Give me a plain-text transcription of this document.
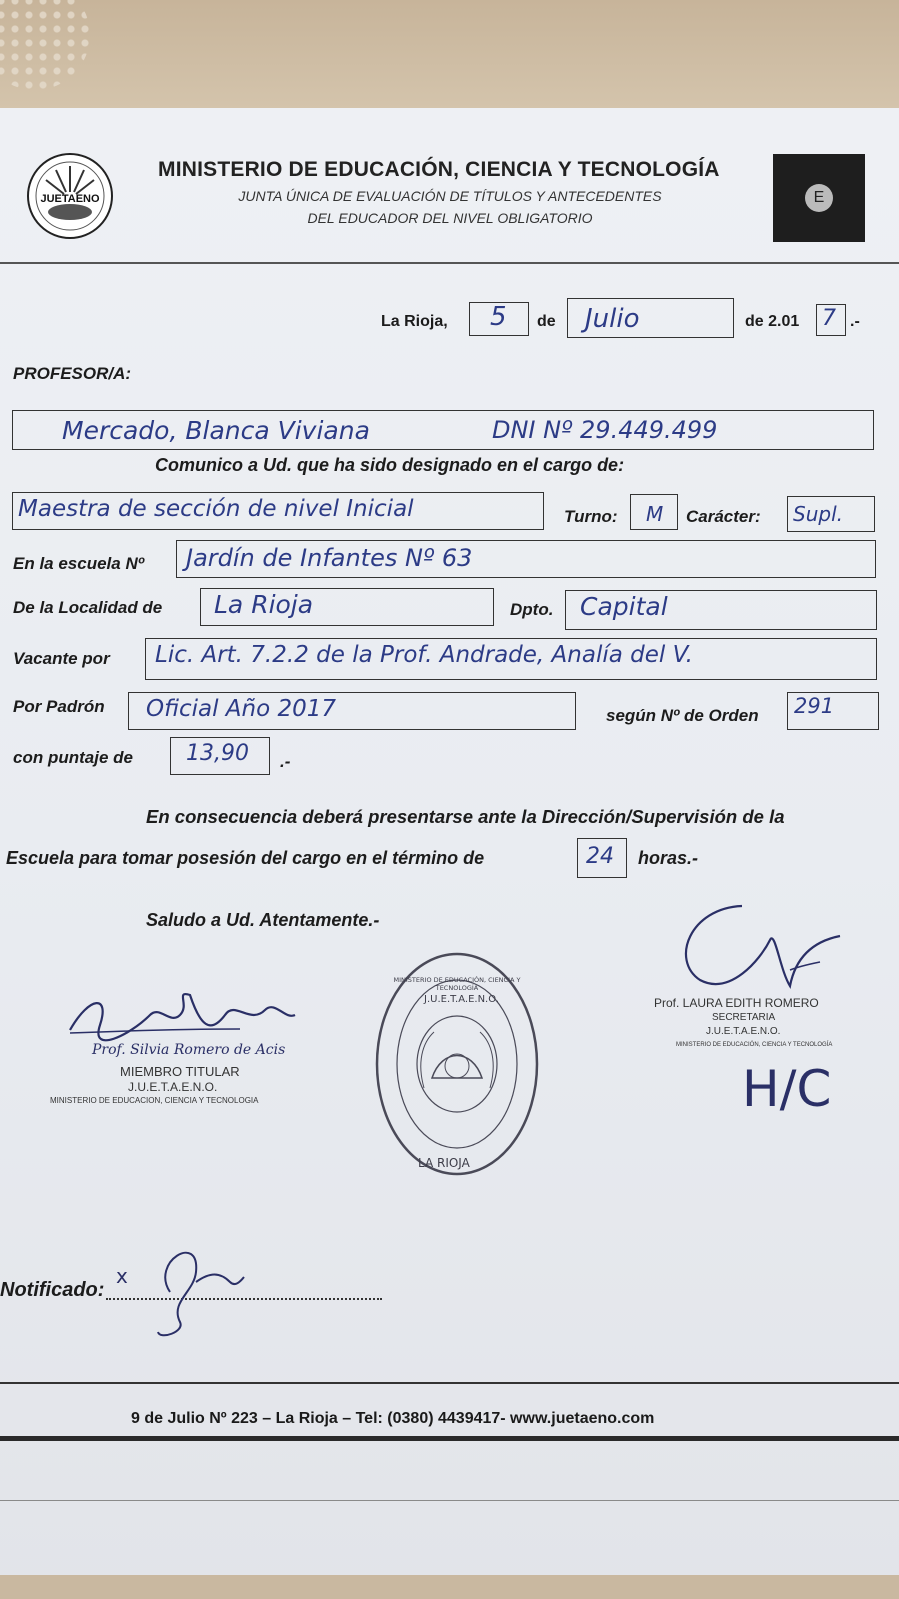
JUETAENO
MINISTERIO DE EDUCACIÓN, CIENCIA Y TECNOLOGÍA
JUNTA ÚNICA DE EVALUACIÓN DE TÍTULOS Y ANTECEDENTES
DEL EDUCADOR DEL NIVEL OBLIGATORIO
E
La Rioja, 5 de Julio	de 2.01 7 .-
PROFESOR/A:
Mercado, Blanca Viviana	DNI Nº 29.449.499
Comunico a Ud. que ha sido designado en el cargo de:
Maestra de sección de nivel Inicial	Turno: M Carácter: Supl.
En la escuela Nº Jardín de Infantes Nº 63
De la Localidad de La Rioja	Dpto. Capital
Vacante por Lic. Art. 7.2.2 de la Prof. Andrade, Analía del V.
Por Padrón Oficial Año 2017	según Nº de Orden 291
con puntaje de 13,90 .-
En consecuencia deberá presentarse ante la Dirección/Supervisión de la
Escuela para tomar posesión del cargo en el término de	24 horas.-
Saludo a Ud. Atentamente.-
Prof. Silvia Romero de Acis
MIEMBRO TITULAR
J.U.E.T.A.E.N.O.
MINISTERIO DE EDUCACION, CIENCIA Y TECNOLOGIA
LA RIOJA
J.U.E.T.A.E.N.O.
MINISTERIO DE EDUCACIÓN, CIENCIA Y TECNOLOGÍA
Prof. LAURA EDITH ROMERO
SECRETARIA
J.U.E.T.A.E.N.O.
MINISTERIO DE EDUCACIÓN, CIENCIA Y TECNOLOGÍA
H/C
Notificado:
x
9 de Julio Nº 223 – La Rioja – Tel: (0380) 4439417- www.juetaeno.com
